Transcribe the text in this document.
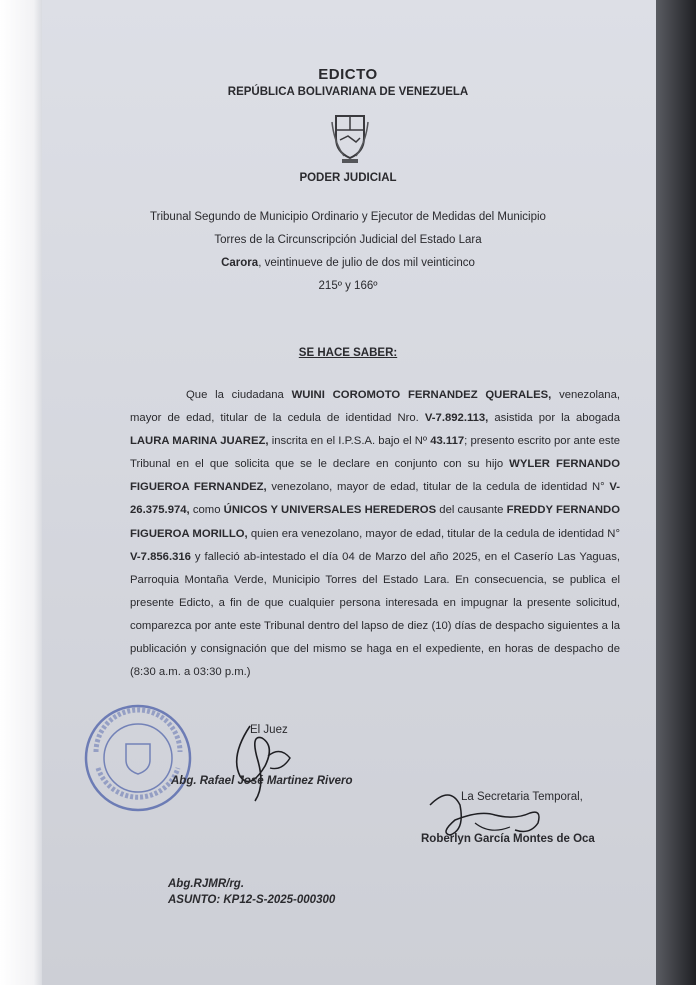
EDICTO
REPÚBLICA BOLIVARIANA DE VENEZUELA
PODER JUDICIAL
Tribunal Segundo de Municipio Ordinario y Ejecutor de Medidas del Municipio
Torres de la Circunscripción Judicial del Estado Lara
Carora, veintinueve de julio de dos mil veinticinco
215º y 166º
SE HACE SABER:
Que la ciudadana WUINI COROMOTO FERNANDEZ QUERALES, venezolana, mayor de edad, titular de la cedula de identidad Nro. V-7.892.113, asistida por la abogada LAURA MARINA JUAREZ, inscrita en el I.P.S.A. bajo el Nº 43.117; presento escrito por ante este Tribunal en el que solicita que se le declare en conjunto con su hijo WYLER FERNANDO FIGUEROA FERNANDEZ, venezolano, mayor de edad, titular de la cedula de identidad N° V-26.375.974, como ÚNICOS Y UNIVERSALES HEREDEROS del causante FREDDY FERNANDO FIGUEROA MORILLO, quien era venezolano, mayor de edad, titular de la cedula de identidad N° V-7.856.316 y falleció ab-intestado el día 04 de Marzo del año 2025, en el Caserío Las Yaguas, Parroquia Montaña Verde, Municipio Torres del Estado Lara. En consecuencia, se publica el presente Edicto, a fin de que cualquier persona interesada en impugnar la presente solicitud, comparezca por ante este Tribunal dentro del lapso de diez (10) días de despacho siguientes a la publicación y consignación que del mismo se haga en el expediente, en horas de despacho de (8:30 a.m. a 03:30 p.m.)
El Juez
Abg. Rafael José Martinez Rivero
La Secretaria Temporal,
Roberlyn García Montes de Oca
Abg.RJMR/rg.
ASUNTO: KP12-S-2025-000300
